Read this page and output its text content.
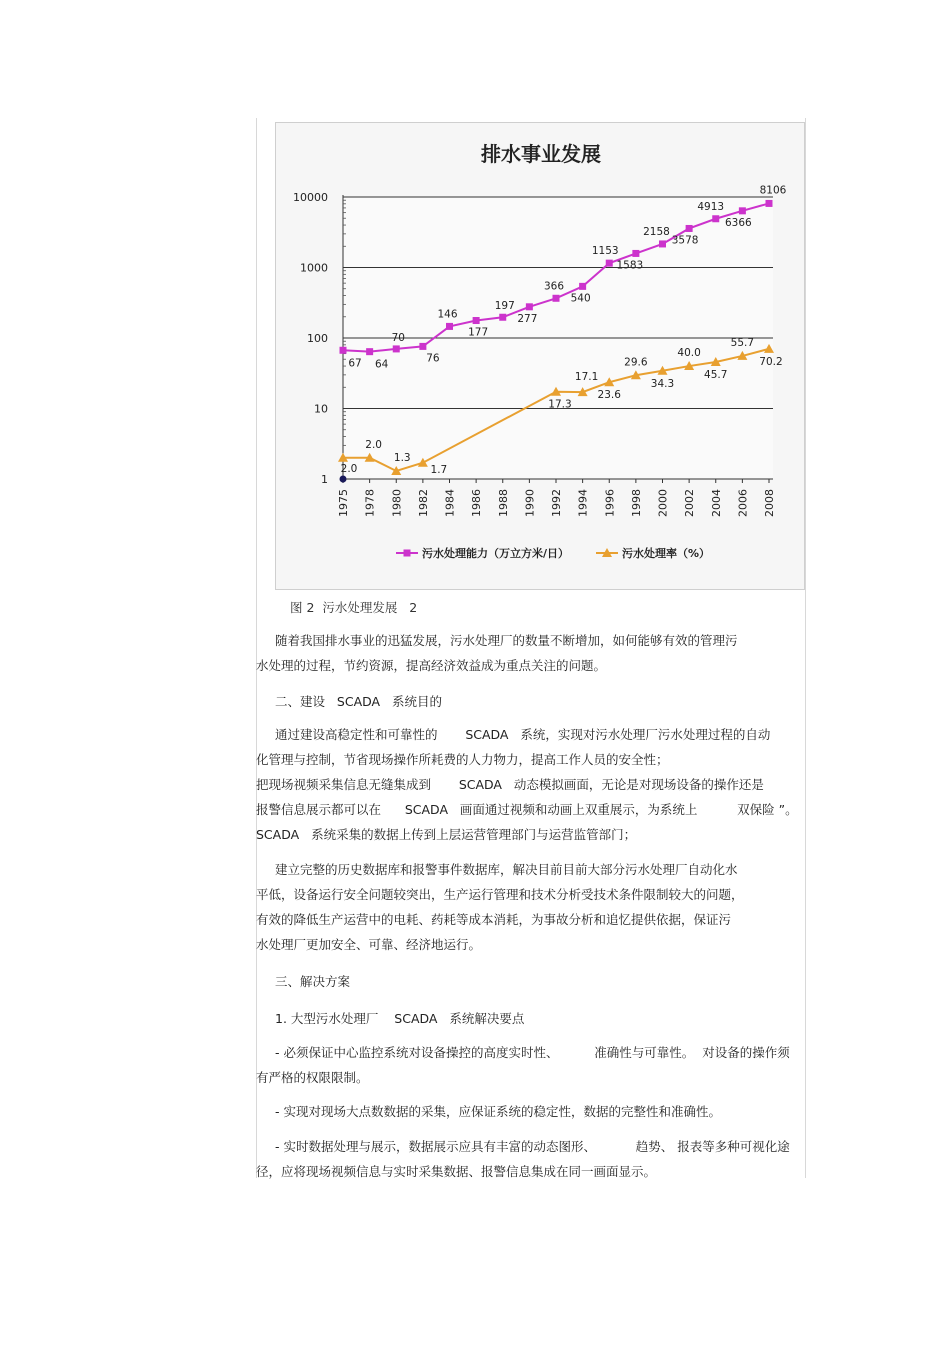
排水事业发展
1
10
100
1000
10000
1975 1978 1980 1982 1984 1986 1988 1990 1992 1994 1996 1998 2000 2002 2004 2006 2008
67 64
70
76
146
177
197
277
366
540
1153
1583
2158
3578
4913
6366
8106
2.0
2.0
1.3
1.7
17.3
17.1
23.6
29.6
34.3
40.0
45.7
55.7
70.2
污水处理能力（万立方米/日）	污水处理率（%）
图 2  污水处理发展   2
随着我国排水事业的迅猛发展，污水处理厂的数量不断增加，如何能够有效的管理污
水处理的过程，节约资源，提高经济效益成为重点关注的问题。
二、建设   SCADA   系统目的
通过建设高稳定性和可靠性的       SCADA   系统，实现对污水处理厂污水处理过程的自动
化管理与控制，节省现场操作所耗费的人力物力，提高工作人员的安全性；
把现场视频采集信息无缝集成到       SCADA   动态模拟画面，无论是对现场设备的操作还是
报警信息展示都可以在      SCADA   画面通过视频和动画上双重展示，为系统上          双保险 ”。
SCADA   系统采集的数据上传到上层运营管理部门与运营监管部门；
建立完整的历史数据库和报警事件数据库，解决目前目前大部分污水处理厂自动化水
平低，设备运行安全问题较突出，生产运行管理和技术分析受技术条件限制较大的问题，
有效的降低生产运营中的电耗、药耗等成本消耗，为事故分析和追忆提供依据，保证污
水处理厂更加安全、可靠、经济地运行。
三、解决方案
1. 大型污水处理厂    SCADA   系统解决要点
- 必须保证中心监控系统对设备操控的高度实时性、         准确性与可靠性。  对设备的操作须
有严格的权限限制。
- 实现对现场大点数数据的采集，应保证系统的稳定性，数据的完整性和准确性。
- 实时数据处理与展示，数据展示应具有丰富的动态图形、          趋势、 报表等多种可视化途
径，应将现场视频信息与实时采集数据、报警信息集成在同一画面显示。
